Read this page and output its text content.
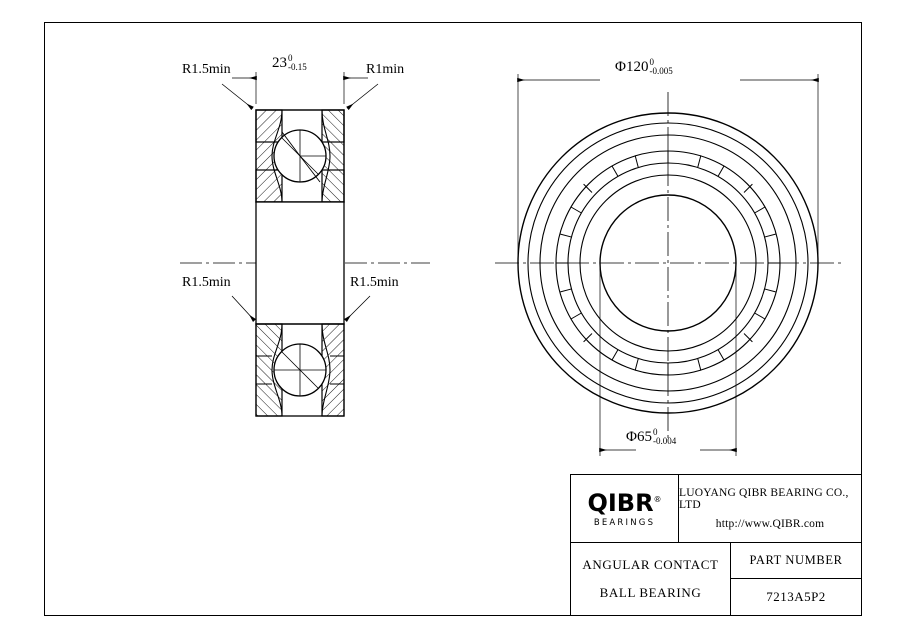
23 0
-0.15
R1.5min	R1min
R1.5min	R1.5min
Φ120 0
-0.005
Φ65 0
-0.004
QIBR®
BEARINGS
LUOYANG QIBR BEARING CO., LTD
http://www.QIBR.com
ANGULAR CONTACT
BALL BEARING
PART NUMBER
7213A5P2
